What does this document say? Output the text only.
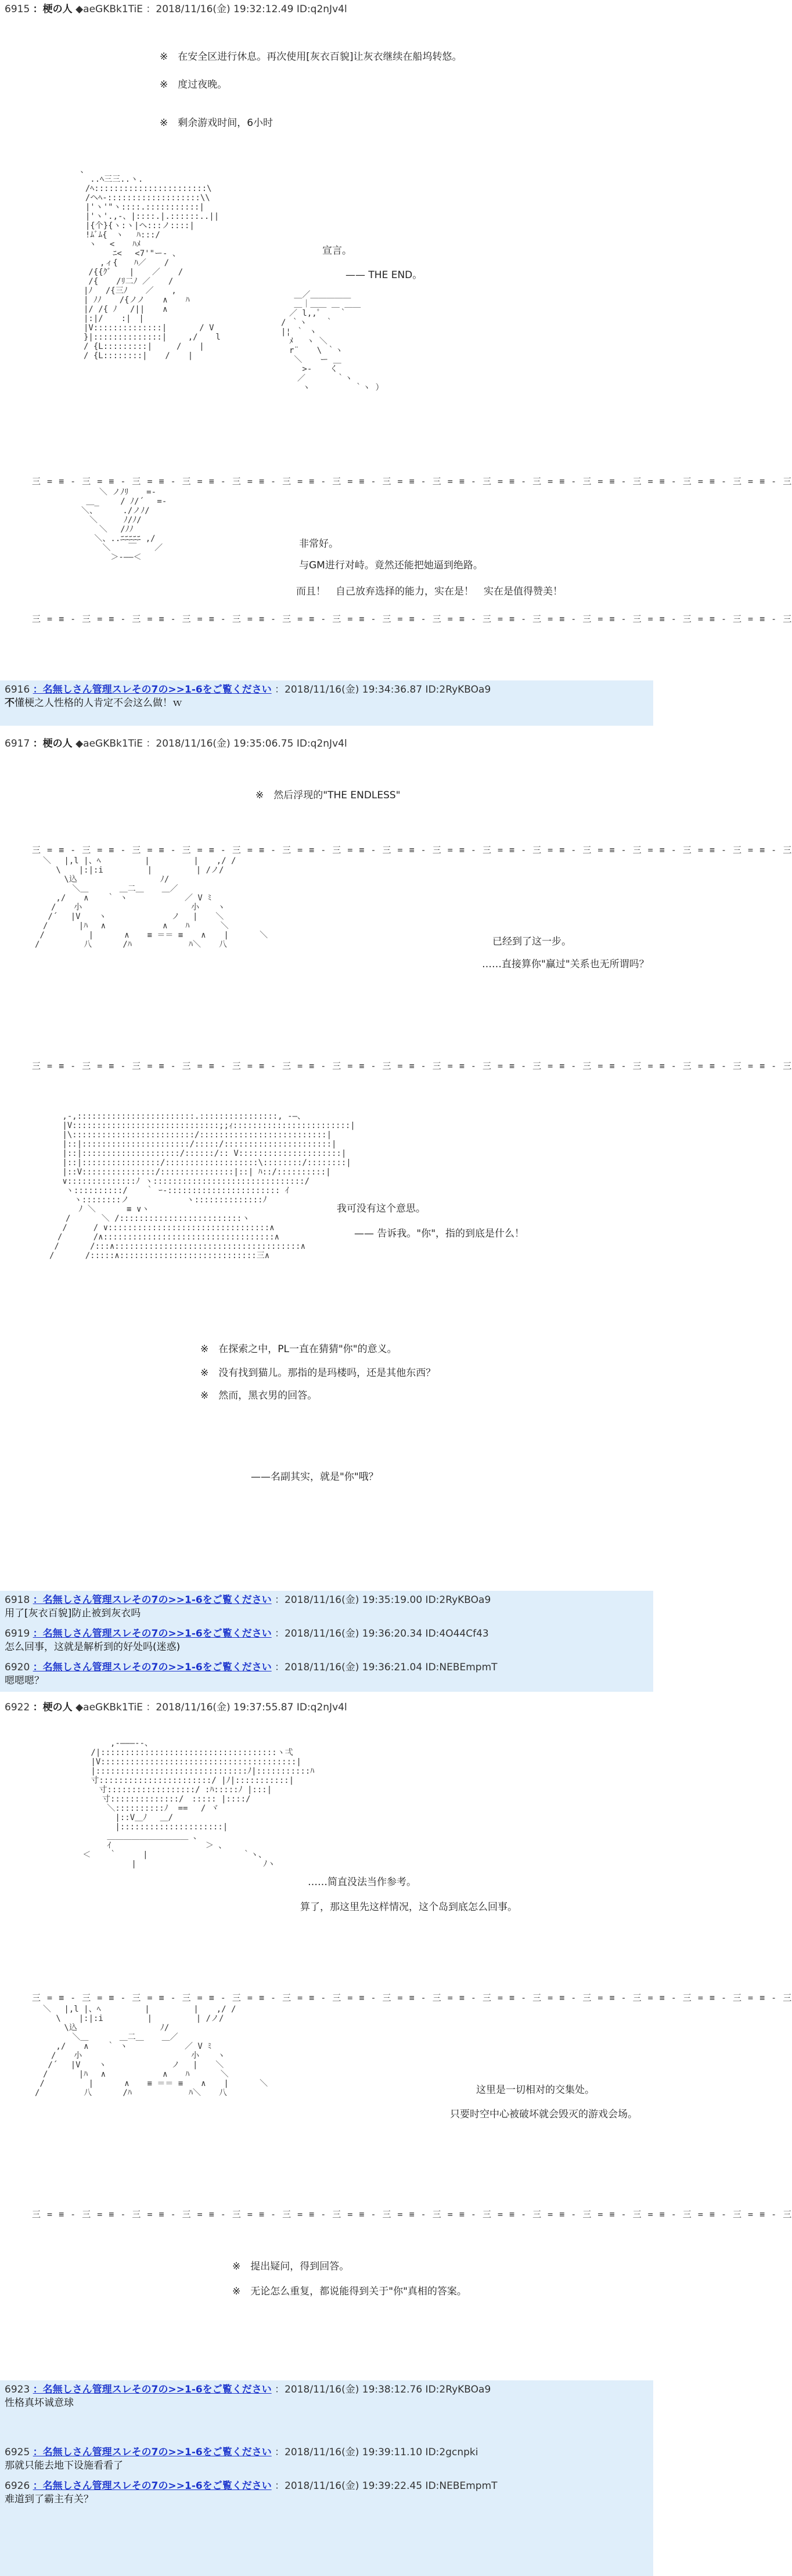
6915 ：梗の人 ◆aeGKBk1TiE ：2018/11/16(金) 19:32:12.49 ID:q2nJv4l
※　在安全区进行休息。再次使用[灰衣百貌]让灰衣继续在船坞转悠。
※　度过夜晚。
※　剩余游戏时间，6小时
、
..ﾍ三三..ヽ.
/ﾍ:::::::::::::::::::::::\
/ヘﾍ-:::::::::::::::::::\\
|'ヽ'"ヽ::::.:::::::::::|
|'ヽ'.,-、|::::.|.::::::..||
|{个}{ヽ:ヽ|ヘ:::ノ::::|
!ﾑﾞﾑ{　ヽ　 ﾊ:::/
　 ヽ　 < 　 ﾊﾒ
　　　　 ﾆ< 　<7'"ー- 、
　　　,ィ{　　ﾊ／ 　 /
　 /{{ｸﾞ 　 | 　 ／ 　 /
　 /{ 　 /ﾘ二ﾉ ／ 　 /
　|ﾉ　 /{三ﾉ 　 ／ 　 ,
　| ﾉﾉ 　 /{ノノ 　 ∧ 　 ﾊ
　|/ /{ ﾉ　 /|| 　 ∧
　|:|/ 　 :|　|　　
　|V::::::::::::::|　　　　/ V
　}|::::::::::::::|　　 ,/ 　 l
　/ {L:::::::::|　　　/ 　 |
　/ {L::::::::| 　 / 　 |
宣言。
—— THE END。
　　 ＿／＿＿＿＿＿
　　 ＿｜＿＿ ＿ ＿＿
　　／ l,,ﾟ 　 ｀
　/ ｀ヽ 　 ｀
　|¦ ｀ ヽ
　　ﾒ　 ヽ ＼
　　r¨ 　 \ ｀ヽ
　　 ＼ 　 ー ＿
　　　 >‐ 　 く
　　　／ 　 　 ｀ヽ
　　　 ヽ 　 　 　 ｀ヽ ）
三 = ≡ - 三 = ≡ - 三 = ≡ - 三 = ≡ - 三 = ≡ - 三 = ≡ - 三 = ≡ - 三 = ≡ - 三 = ≡ - 三 = ≡ - 三 = ≡ - 三 = ≡ - 三 = ≡ - 三 = ≡ - 三 = ≡ - 三
　  ＼ ノﾉﾘ 　 =-
＿_　　 / ﾉ/´ 　=-
＼、　　　 ./ノﾉ/
　＼ 　　 ﾉ/ﾉ/
　 ＼　 /ﾉﾉ
　 ＼、..ﾆﾆﾆﾆﾆ ,/
　　 ＼ 　 ￣ 　 ／
　　　 ＞‐――＜
非常好。
与GM进行对峙。竟然还能把她逼到绝路。
而且！　自己放弃选择的能力，实在是！　实在是值得赞美！
三 = ≡ - 三 = ≡ - 三 = ≡ - 三 = ≡ - 三 = ≡ - 三 = ≡ - 三 = ≡ - 三 = ≡ - 三 = ≡ - 三 = ≡ - 三 = ≡ - 三 = ≡ - 三 = ≡ - 三 = ≡ - 三 = ≡ - 三
6916 ：名無しさん管理スレその7の>>1-6をご覧ください ：2018/11/16(金) 19:34:36.87 ID:2RyKBOa9
不懂梗之人性格的人肯定不会这么做！ｗ
6917 ：梗の人 ◆aeGKBk1TiE ：2018/11/16(金) 19:35:06.75 ID:q2nJv4l
※　然后浮现的"THE ENDLESS"
三 = ≡ - 三 = ≡ - 三 = ≡ - 三 = ≡ - 三 = ≡ - 三 = ≡ - 三 = ≡ - 三 = ≡ - 三 = ≡ - 三 = ≡ - 三 = ≡ - 三 = ≡ - 三 = ≡ - 三 = ≡ - 三 = ≡ - 三
　＼　 |,l |、ﾍ 　 　 　 | 　 　 　 | 　 ,/ /
　　\ 　 |:|:i 　 　 　 | 　 　 　 | /ノ/
　　　 \込 　 　 　 　 　 　 ﾉ/
　　　　 ＼＿ 　 　 ＿二＿ 　 ＿／
　　 ,/ 　 ∧ 　 ｀ ヽ 　 　 　 　 ／ V ﾐ
　　/ 　 小 　 　 　 　 　 　 　 　 小 　 ヽ
　 /´　 |V 　 ヽ　 　 　 　 　 ノ　 | 　 ＼
　/ 　 　 |ﾊ　 ∧ 　 　 　 　 ∧ 　 ﾊ 　 　 ＼
/ 　 　 　 | 　 　 ∧ 　 ≡ ＝＝ ≡ 　 ∧ 　 | 　 　 ＼
/ 　 　 　 八 　 　 /ﾊ 　 　 　 　 ﾊ＼ 　 八	已经到了这一步。
……直接算你"赢过"关系也无所谓吗？
三 = ≡ - 三 = ≡ - 三 = ≡ - 三 = ≡ - 三 = ≡ - 三 = ≡ - 三 = ≡ - 三 = ≡ - 三 = ≡ - 三 = ≡ - 三 = ≡ - 三 = ≡ - 三 = ≡ - 三 = ≡ - 三 = ≡ - 三
　 ,-,::::::::::::::::::::::::.::::::::::::::::, -―、
　 |V::::::::::::::::::::::::::::::;;ｨ::::::::::::::::::::::::|
　 |\:::::::::::::::::::::::::/::::::::::::::::::::::::::|
　 |::|::::::::::::::::::::::/:::::/::::::::::::::::::::::|
　 |::|::::::::::::::::::::/::::::/:: V:::::::::::::::::::::|
　 |::|::::::::::::::::/:::::::::::::::::::\::::::::/::::::::|
　 |::V:::::::::::::::/:::::::::::::::|::| ﾊ::/::::::::::|
　 ∨::::::::::::::ﾉ ヽ:::::::::::::::::::::::::::::::/
　　ヽ::::::::::/ 　 ｀ ｰ-::::::::::::::::::::::: ｲ
　　　ヽ::::::::ノ 　 　 　 　 ヽ::::::::::::::ﾉ
　　　 ﾉ ＼ 　 　 ≡ ∨ヽ
　　/ 　 　 ＼ /:::::::::::::::::::::::::ヽ
　 /　 　 / ∨:::::::::::::::::::::::::::::::::∧
　/ 　 　 /∧:::::::::::::::::::::::::::::::::::∧
/ 　 　 /:::∧::::::::::::::::::::::::::::::::::::::∧
/ 　 　 /:::::∧::::::::::::::::::::::::::::三∧
我可没有这个意思。
—— 告诉我。"你"，指的到底是什么！
※　在探索之中，PL一直在猜猜"你"的意义。
※　没有找到猫儿。那指的是玛楼吗，还是其他东西？
※　然而，黑衣男的回答。
——名副其实，就是"你"哦？
6918 ：名無しさん管理スレその7の>>1-6をご覧ください ：2018/11/16(金) 19:35:19.00 ID:2RyKBOa9
用了[灰衣百貌]防止被到灰衣吗
6919 ：名無しさん管理スレその7の>>1-6をご覧ください ：2018/11/16(金) 19:36:20.34 ID:4O44Cf43
怎么回事，这就是解析到的好处吗(迷惑)
6920 ：名無しさん管理スレその7の>>1-6をご覧ください ：2018/11/16(金) 19:36:21.04 ID:NEBEmpmT
嗯嗯嗯？
6922 ：梗の人 ◆aeGKBk1TiE ：2018/11/16(金) 19:37:55.87 ID:q2nJv4l
　　　　　,-―――‐-、
　　 /|::::::::::::::::::::::::::::::::::::ヽ弌
　　 |V::::::::::::::::::::::::::::::::::::::::|
　　 |:::::::::::::::::::::::::::::::ﾉ|:::::::::::ﾊ
　　 寸:::::::::::::::::::::::/ |ﾉ|:::::::::::|
　　　 寸::::::::::::::::::/ :ﾊ:::::ﾉ |:::|
　　　　寸::::::::::::::/　::::: |::::/
　　　　 ＼::::::::::ﾉ  ==　 / ヾ
　　　　　 |::V＿ﾉ　 ＿/
　　　　　 |:::::::::::::::::::::|
　　　　 ＿＿＿＿＿＿＿＿＿＿ 、
　　　　 ｲ　　　　　　　　　　　 ＞ 、
　 ＜ 　 ｀ 　　 |　　　　　　　　　　　 ｀ヽ、
　　　　　　　 |　　　　　　　　　　　　　　　 ﾉヽ
……简直没法当作参考。
算了，那这里先这样情况，这个岛到底怎么回事。
三 = ≡ - 三 = ≡ - 三 = ≡ - 三 = ≡ - 三 = ≡ - 三 = ≡ - 三 = ≡ - 三 = ≡ - 三 = ≡ - 三 = ≡ - 三 = ≡ - 三 = ≡ - 三 = ≡ - 三 = ≡ - 三 = ≡ - 三
　＼　 |,l |、ﾍ 　 　 　 | 　 　 　 | 　 ,/ /
　　\ 　 |:|:i 　 　 　 | 　 　 　 | /ノ/
　　　 \込 　 　 　 　 　 　 ﾉ/
　　　　 ＼＿ 　 　 ＿二＿ 　 ＿／
　　 ,/ 　 ∧ 　 ｀ ヽ 　 　 　 　 ／ V ﾐ
　　/ 　 小 　 　 　 　 　 　 　 　 小 　 ヽ
　 /´　 |V 　 ヽ　 　 　 　 　 ノ　 | 　 ＼
　/ 　 　 |ﾊ　 ∧ 　 　 　 　 ∧ 　 ﾊ 　 　 ＼
/ 　 　 　 | 　 　 ∧ 　 ≡ ＝＝ ≡ 　 ∧ 　 | 　 　 ＼
/ 　 　 　 八 　 　 /ﾊ 　 　 　 　 ﾊ＼ 　 八	这里是一切相对的交集处。
只要时空中心被破坏就会毁灭的游戏会场。
三 = ≡ - 三 = ≡ - 三 = ≡ - 三 = ≡ - 三 = ≡ - 三 = ≡ - 三 = ≡ - 三 = ≡ - 三 = ≡ - 三 = ≡ - 三 = ≡ - 三 = ≡ - 三 = ≡ - 三 = ≡ - 三 = ≡ - 三
※　提出疑问，得到回答。
※　无论怎么重复，都说能得到关于"你"真相的答案。
6923 ：名無しさん管理スレその7の>>1-6をご覧ください ：2018/11/16(金) 19:38:12.76 ID:2RyKBOa9
性格真坏诚意球
6925 ：名無しさん管理スレその7の>>1-6をご覧ください ：2018/11/16(金) 19:39:11.10 ID:2gcnpki
那就只能去地下设施看看了
6926 ：名無しさん管理スレその7の>>1-6をご覧ください ：2018/11/16(金) 19:39:22.45 ID:NEBEmpmT
难道到了霸主有关？
